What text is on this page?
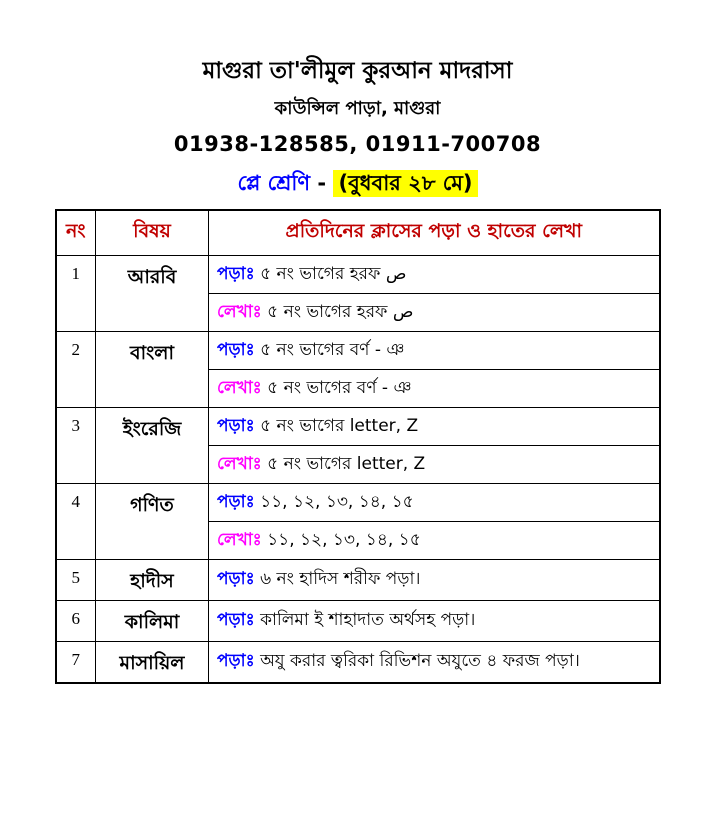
মাগুরা তা'লীমুল কুরআন মাদরাসা
কাউন্সিল পাড়া, মাগুরা
01938-128585, 01911-700708
প্লে শ্রেণি - (বুধবার ২৮ মে)
নং	বিষয়	প্রতিদিনের ক্লাসের পড়া ও হাতের লেখা
1	আরবি	পড়াঃ ৫ নং ভাগের হরফ ص
		লেখাঃ ৫ নং ভাগের হরফ ص
2	বাংলা	পড়াঃ ৫ নং ভাগের বর্ণ - ঞ
		লেখাঃ ৫ নং ভাগের বর্ণ - ঞ
3	ইংরেজি	পড়াঃ ৫ নং ভাগের letter, Z
		লেখাঃ ৫ নং ভাগের letter, Z
4	গণিত	পড়াঃ ১১, ১২, ১৩, ১৪, ১৫
		লেখাঃ ১১, ১২, ১৩, ১৪, ১৫
5	হাদীস	পড়াঃ ৬ নং হাদিস শরীফ পড়া।
6	কালিমা	পড়াঃ কালিমা ই শাহাদাত অর্থসহ পড়া।
7	মাসায়িল	পড়াঃ অযু করার ত্বরিকা রিভিশন অযুতে ৪ ফরজ পড়া।
